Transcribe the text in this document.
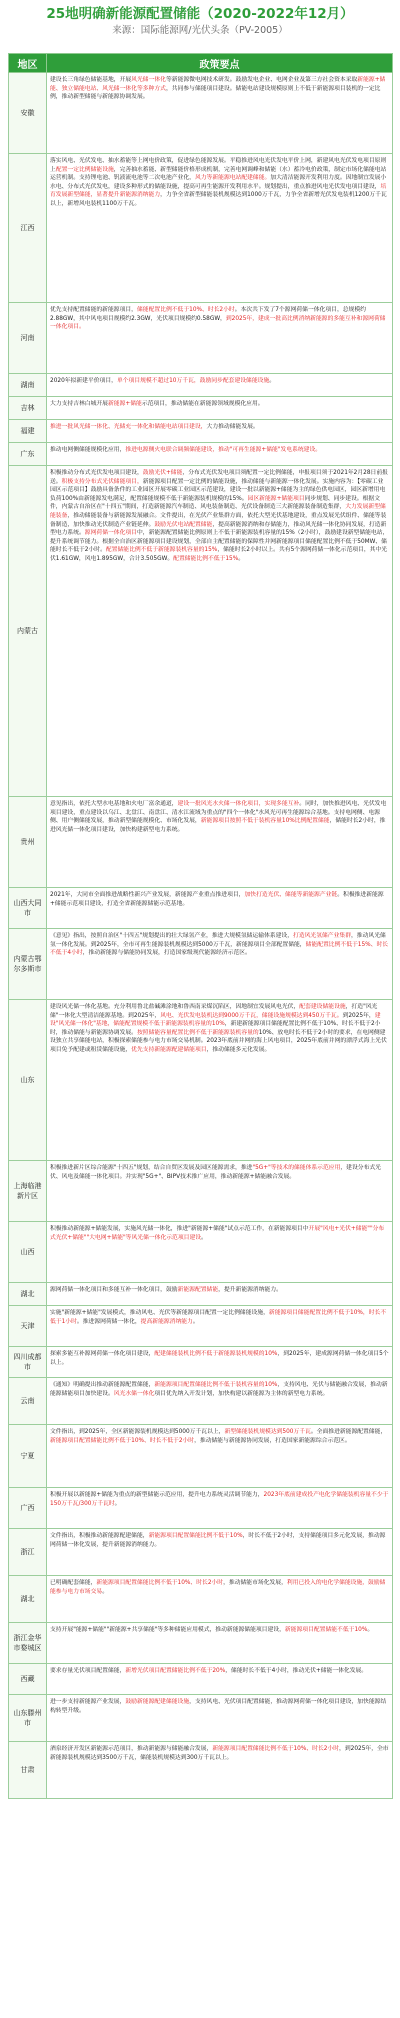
25地明确新能源配置储能（2020-2022年12月）
来源：国际能源网/光伏头条（PV-2005）
地区	政策要点
安徽	建设长三角绿色储能基地，开展风光储一体化等新能源微电网技术研发。鼓励发电企业、电网企业及第三方社会资本采取新能源+储能、独立储能电站、风光储一体化等多种方式，共同参与储能项目建设。储能电站建设规模原则上不低于新能源项目装机的一定比例，推动新型储能与新能源协调发展。

江西	落实风电、光伏发电、抽水蓄能等上网电价政策，促进绿色能源发展。平稳推进风电光伏发电平价上网，新建风电光伏发电项目原则上配置一定比例储能设施，完善抽水蓄能、新型储能价格形成机制，完善电网调峰和储能（水）蓄冷电价政策，制定市场化储能电站运营机制。支持锂电池、钒液流电池等二次电池产业化，风力等新能源电站配建储能。加大清洁能源开发利用力度。因地制宜发展小水电、分布式光伏发电，建设多种形式的储能设施，提高可再生能源开发利用水平。规划提出，重点推进风电光伏发电项目建设，培育发展新型储能，显著提升新能源消纳能力，力争全省新型储能装机规模达到1000万千瓦，力争全省新增光伏发电装机1200万千瓦以上，新增风电装机1100万千瓦。

河南	优先支持配置储能的新能源项目，储能配置比例不低于10%、时长2小时。本次共下发了7个源网荷储一体化项目，总规模约2.88GW，其中风电项目规模约2.3GW，光伏项目规模约0.58GW，到2025年，建成一批高比例消纳新能源的多能互补和源网荷储一体化项目。

湖南	2020年拟新建平价项目，单个项目规模不超过10万千瓦，鼓励同步配套建设储能设施。

吉林	大力支持吉林白城开展新能源+储能示范项目，推动储能在新能源领域规模化应用。

福建	推进一批风光储一体化、光储充一体化和储能电站项目建设，大力推动储能发展。

广东	推动电网侧储能规模化应用，推进电源侧火电联合调频储能建设，推动"可再生能源+储能"发电系统建设。

内蒙古	积极推动分布式光伏发电项目建设，鼓励光伏+储能，分布式光伏发电项目须配置一定比例储能，申报项目须于2021年2月28日前报送。积极支持分布式光伏储能项目，新能源项目配置一定比例的储能设施，推动储能与新能源一体化发展。实施内容为：【零碳工业园区示范项目】鼓励具备条件的工业园区开展零碳工业园区示范建设，建设一批以新能源+储能为主的绿色供电园区，园区新增用电负荷100%由新能源发电满足，配置储能规模不低于新能源装机规模的15%。园区新能源+储能项目同步规划、同步建设。根据文件，内蒙古自治区在"十四五"期间，打造新能源汽车制造、风电装备制造、光伏设备制造三大新能源装备制造集群，大力发展新型储能装备，推动储能装备与新能源发展融合。文件提出，在光伏产业集群方面，依托大型光伏基地建设，重点发展光伏组件、储能等装备制造，加快推动光伏制造产业链延伸。鼓励光伏电站配置储能，提高新能源消纳和存储能力，推动风光储一体化协同发展，打造新型电力系统。源网荷储一体化项目中，新能源配置储能比例原则上不低于新能源装机容量的15%（2小时），鼓励建设新型储能电站，提升系统调节能力。根据全自治区新能源项目建设规划，全部自主配置储能的保障性并网新能源项目储能配置比例不低于50MW、储能时长不低于2小时。配置储能比例不低于新能源装机容量的15%，储能时长2小时以上。共有5个源网荷储一体化示范项目，其中光伏1.61GW，风电1.895GW，合计3.505GW。配置储能比例不低于15%。

贵州	意见指出，依托大型水电基地和火电厂富余通道，建设一批风光水火储一体化项目，实现多能互补。同时，加快推进风电、光伏发电项目建设，重点建设以乌江、北盘江、南盘江、清水江流域为重点的"四个一体化"水风光可再生能源综合基地。支持电网侧、电源侧、用户侧储能发展，推动新型储能规模化、市场化发展，新能源项目按照不低于装机容量10%比例配置储能，储能时长2小时，推进风光储一体化项目建设，加快构建新型电力系统。

山西大同市	2021年，大同市全面推进战略性新兴产业发展，新能源产业重点推进项目，加快打造光伏、储能等新能源产业链。积极推进新能源+储能示范项目建设，打造全省新能源储能示范基地。

内蒙古鄂尔多斯市	《意见》指出，按照自治区"十四五"规划提出的壮大绿氢产业，推进大规模氢储运输体系建设，打造风光氢储产业集群，推动风光储氢一体化发展。到2025年，全市可再生能源装机规模达到5000万千瓦，新能源项目全部配置储能，储能配置比例不低于15%、时长不低于4小时，推动新能源与储能协同发展，打造国家级现代能源经济示范区。

山东	建设风光储一体化基地。充分利用鲁北盐碱滩涂地和鲁西南采煤沉陷区，因地制宜发展风电光伏，配套建设储能设施，打造"风光储"一体化大型清洁能源基地。到2025年，风电、光伏发电装机达到9000万千瓦，储能设施规模达到450万千瓦。到2025年，建设"风光储一体化"基地，储能配置规模不低于新能源装机容量的10%，新建新能源项目储能配置比例不低于10%、时长不低于2小时，推动储能与新能源协调发展。按照储能容量配置比例不低于新能源装机容量的10%、放电时长不低于2小时的要求，在电网侧建设独立共享储能电站，积极探索储能参与电力市场交易机制。2023年底前并网的海上风电项目，2025年底前并网的漂浮式海上光伏项目免予配建或租赁储能设施，优先支持新能源配建储能项目，推动储能多元化发展。

上海临港新片区	积极推进新片区综合能源"十四五"规划，结合自贸区发展及园区能源需求，推进"5G+"等技术的储能体系示范应用，建设分布式光伏、风电及储能一体化项目。并实现"5G+"、BIPV技术推广应用，推动新能源+储能融合发展。

山西	积极推动新能源+储能发展，实施风光储一体化，推进"新能源+储能"试点示范工作，在新能源项目中开展"风电+光伏+储能""分布式光伏+储能""大电网+储能"等风光储一体化示范项目建设。

湖北	源网荷储一体化项目和多能互补一体化项目，鼓励新能源配置储能，提升新能源消纳能力。

天津	实施"新能源+储能"发展模式，推动风电、光伏等新能源项目配置一定比例储能设施，新能源项目储能配置比例不低于10%，时长不低于1小时。推进源网荷储一体化，提高新能源消纳能力。

四川成都市	探索多能互补源网荷储一体化项目建设，配建储能装机比例不低于新能源装机规模的10%，到2025年，建成源网荷储一体化项目5个以上。

云南	《通知》明确提出推动新能源配置储能，新能源项目配置储能比例不低于装机容量的10%，支持风电、光伏与储能融合发展，推动新能源储能项目加快建设。风光水储一体化项目优先纳入开发计划，加快构建以新能源为主体的新型电力系统。

宁夏	文件指出，到2025年，全区新能源装机规模达到5000万千瓦以上，新型储能装机规模达到500万千瓦。全面推进新能源配置储能，新能源项目配置储能比例不低于10%、时长不低于2小时，推动储能与新能源协同发展，打造国家新能源综合示范区。

广西	积极开展以新能源+储能为重点的新型储能示范应用，提升电力系统灵活调节能力，2023年底前建成投产电化学储能装机容量不少于150万千瓦/300万千瓦时。

浙江	文件指出，积极推动新能源配建储能，新能源项目配置储能比例不低于10%，时长不低于2小时，支持储能项目多元化发展，推动源网荷储一体化发展，提升新能源消纳能力。

湖北	已明确配套储能，新能源项目配置储能比例不低于10%、时长2小时，推动储能市场化发展，利用已投入的电化学储能设施，鼓励储能参与电力市场交易。

浙江金华市婺城区	支持开展"能源+储能""新能源+共享储能"等多种储能应用模式，推动新能源储能项目建设，新能源项目配置储能不低于10%。

西藏	要求存量光伏项目配置储能，新增光伏项目配置储能比例不低于20%，储能时长不低于4小时，推动光伏+储能一体化发展。

山东滕州市	进一步支持新能源产业发展，鼓励新能源配建储能设施，支持风电、光伏项目配置储能，推动源网荷储一体化项目建设，加快能源结构转型升级。

甘肃	酒泉经济开发区新能源示范项目，推动新能源与储能融合发展，新能源项目配置储能比例不低于10%、时长2小时，到2025年，全市新能源装机规模达到3500万千瓦，储能装机规模达到300万千瓦以上。
